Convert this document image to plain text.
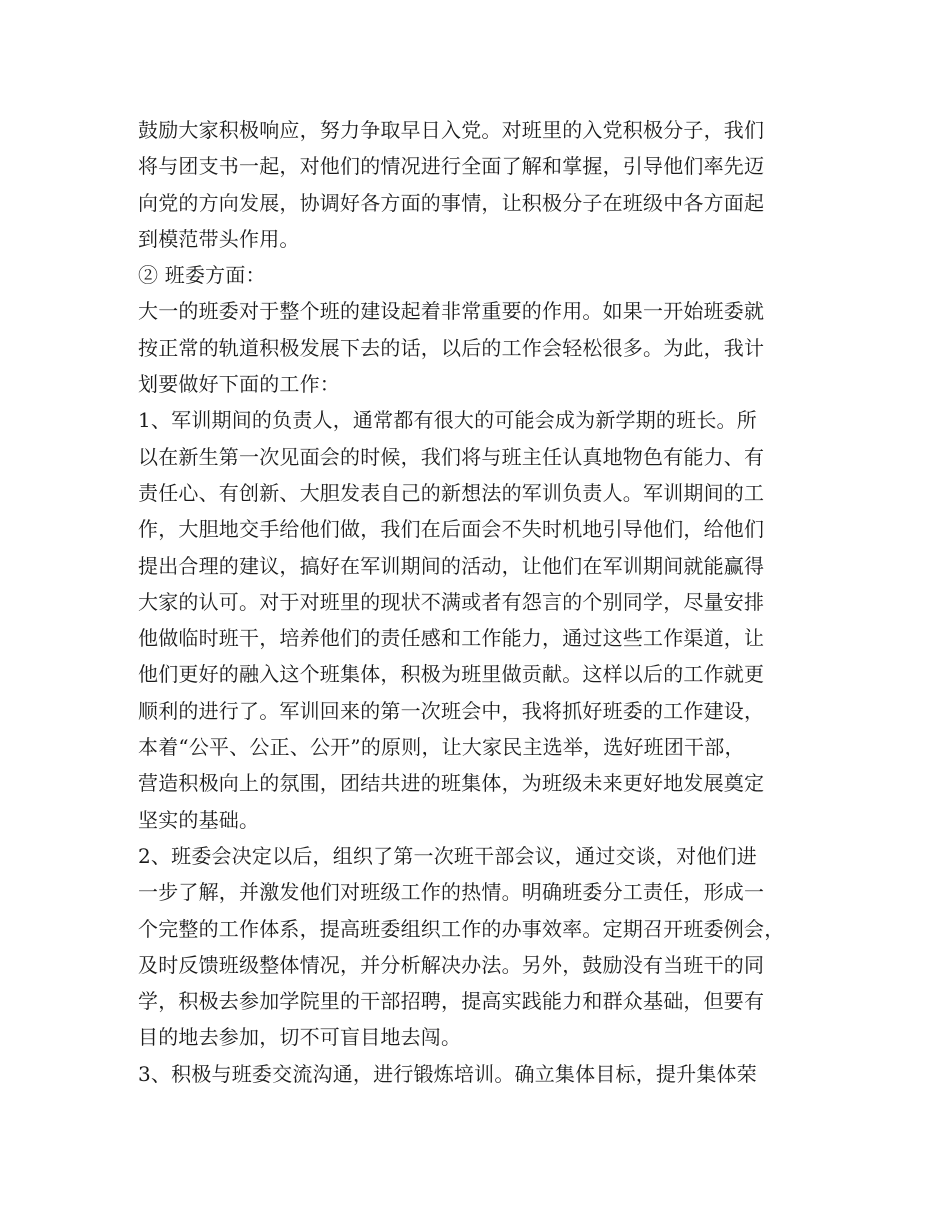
鼓励大家积极响应，努力争取早日入党。对班里的入党积极分子，我们
将与团支书一起，对他们的情况进行全面了解和掌握，引导他们率先迈
向党的方向发展，协调好各方面的事情，让积极分子在班级中各方面起
到模范带头作用。
② 班委方面：
大一的班委对于整个班的建设起着非常重要的作用。如果一开始班委就
按正常的轨道积极发展下去的话，以后的工作会轻松很多。为此，我计
划要做好下面的工作：
1、军训期间的负责人，通常都有很大的可能会成为新学期的班长。所
以在新生第一次见面会的时候，我们将与班主任认真地物色有能力、有
责任心、有创新、大胆发表自己的新想法的军训负责人。军训期间的工
作，大胆地交手给他们做，我们在后面会不失时机地引导他们，给他们
提出合理的建议，搞好在军训期间的活动，让他们在军训期间就能赢得
大家的认可。对于对班里的现状不满或者有怨言的个别同学，尽量安排
他做临时班干，培养他们的责任感和工作能力，通过这些工作渠道，让
他们更好的融入这个班集体，积极为班里做贡献。这样以后的工作就更
顺利的进行了。军训回来的第一次班会中，我将抓好班委的工作建设，
本着“公平、公正、公开”的原则，让大家民主选举，选好班团干部，
营造积极向上的氛围，团结共进的班集体，为班级未来更好地发展奠定
坚实的基础。
2、班委会决定以后，组织了第一次班干部会议，通过交谈，对他们进
一步了解，并激发他们对班级工作的热情。明确班委分工责任，形成一
个完整的工作体系，提高班委组织工作的办事效率。定期召开班委例会，
及时反馈班级整体情况，并分析解决办法。另外，鼓励没有当班干的同
学，积极去参加学院里的干部招聘，提高实践能力和群众基础，但要有
目的地去参加，切不可盲目地去闯。
3、积极与班委交流沟通，进行锻炼培训。确立集体目标，提升集体荣
